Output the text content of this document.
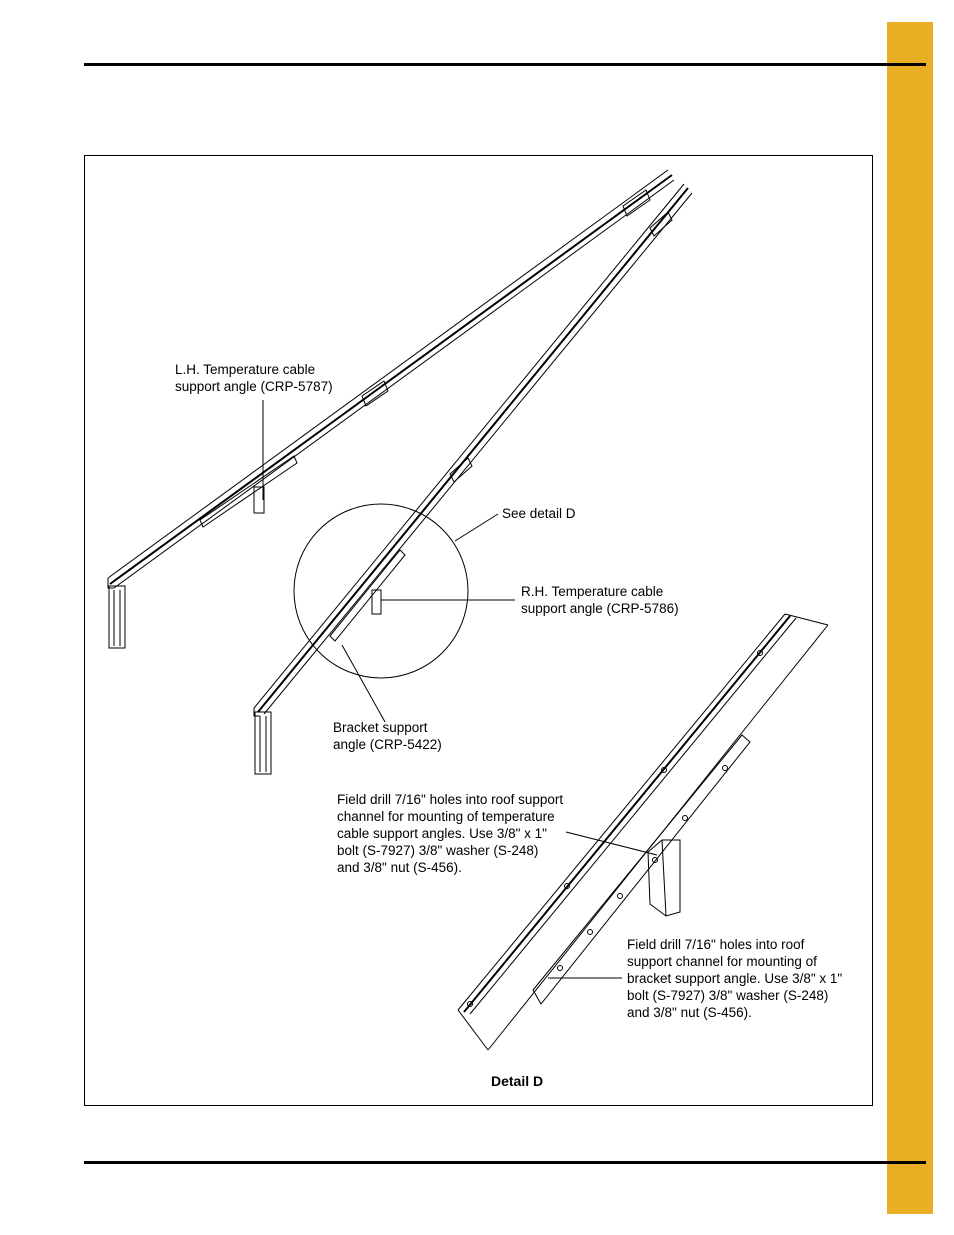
L.H. Temperature cable
support angle (CRP-5787)
See detail D
R.H. Temperature cable
support angle (CRP-5786)
Bracket support
angle (CRP-5422)
Field drill 7/16" holes into roof support
channel for mounting of temperature
cable support angles. Use 3/8" x 1"
bolt (S-7927) 3/8" washer (S-248)
and 3/8" nut (S-456).
Field drill 7/16" holes into roof
support channel for mounting of
bracket support angle. Use 3/8" x 1"
bolt (S-7927) 3/8" washer (S-248)
and 3/8" nut (S-456).
Detail D
